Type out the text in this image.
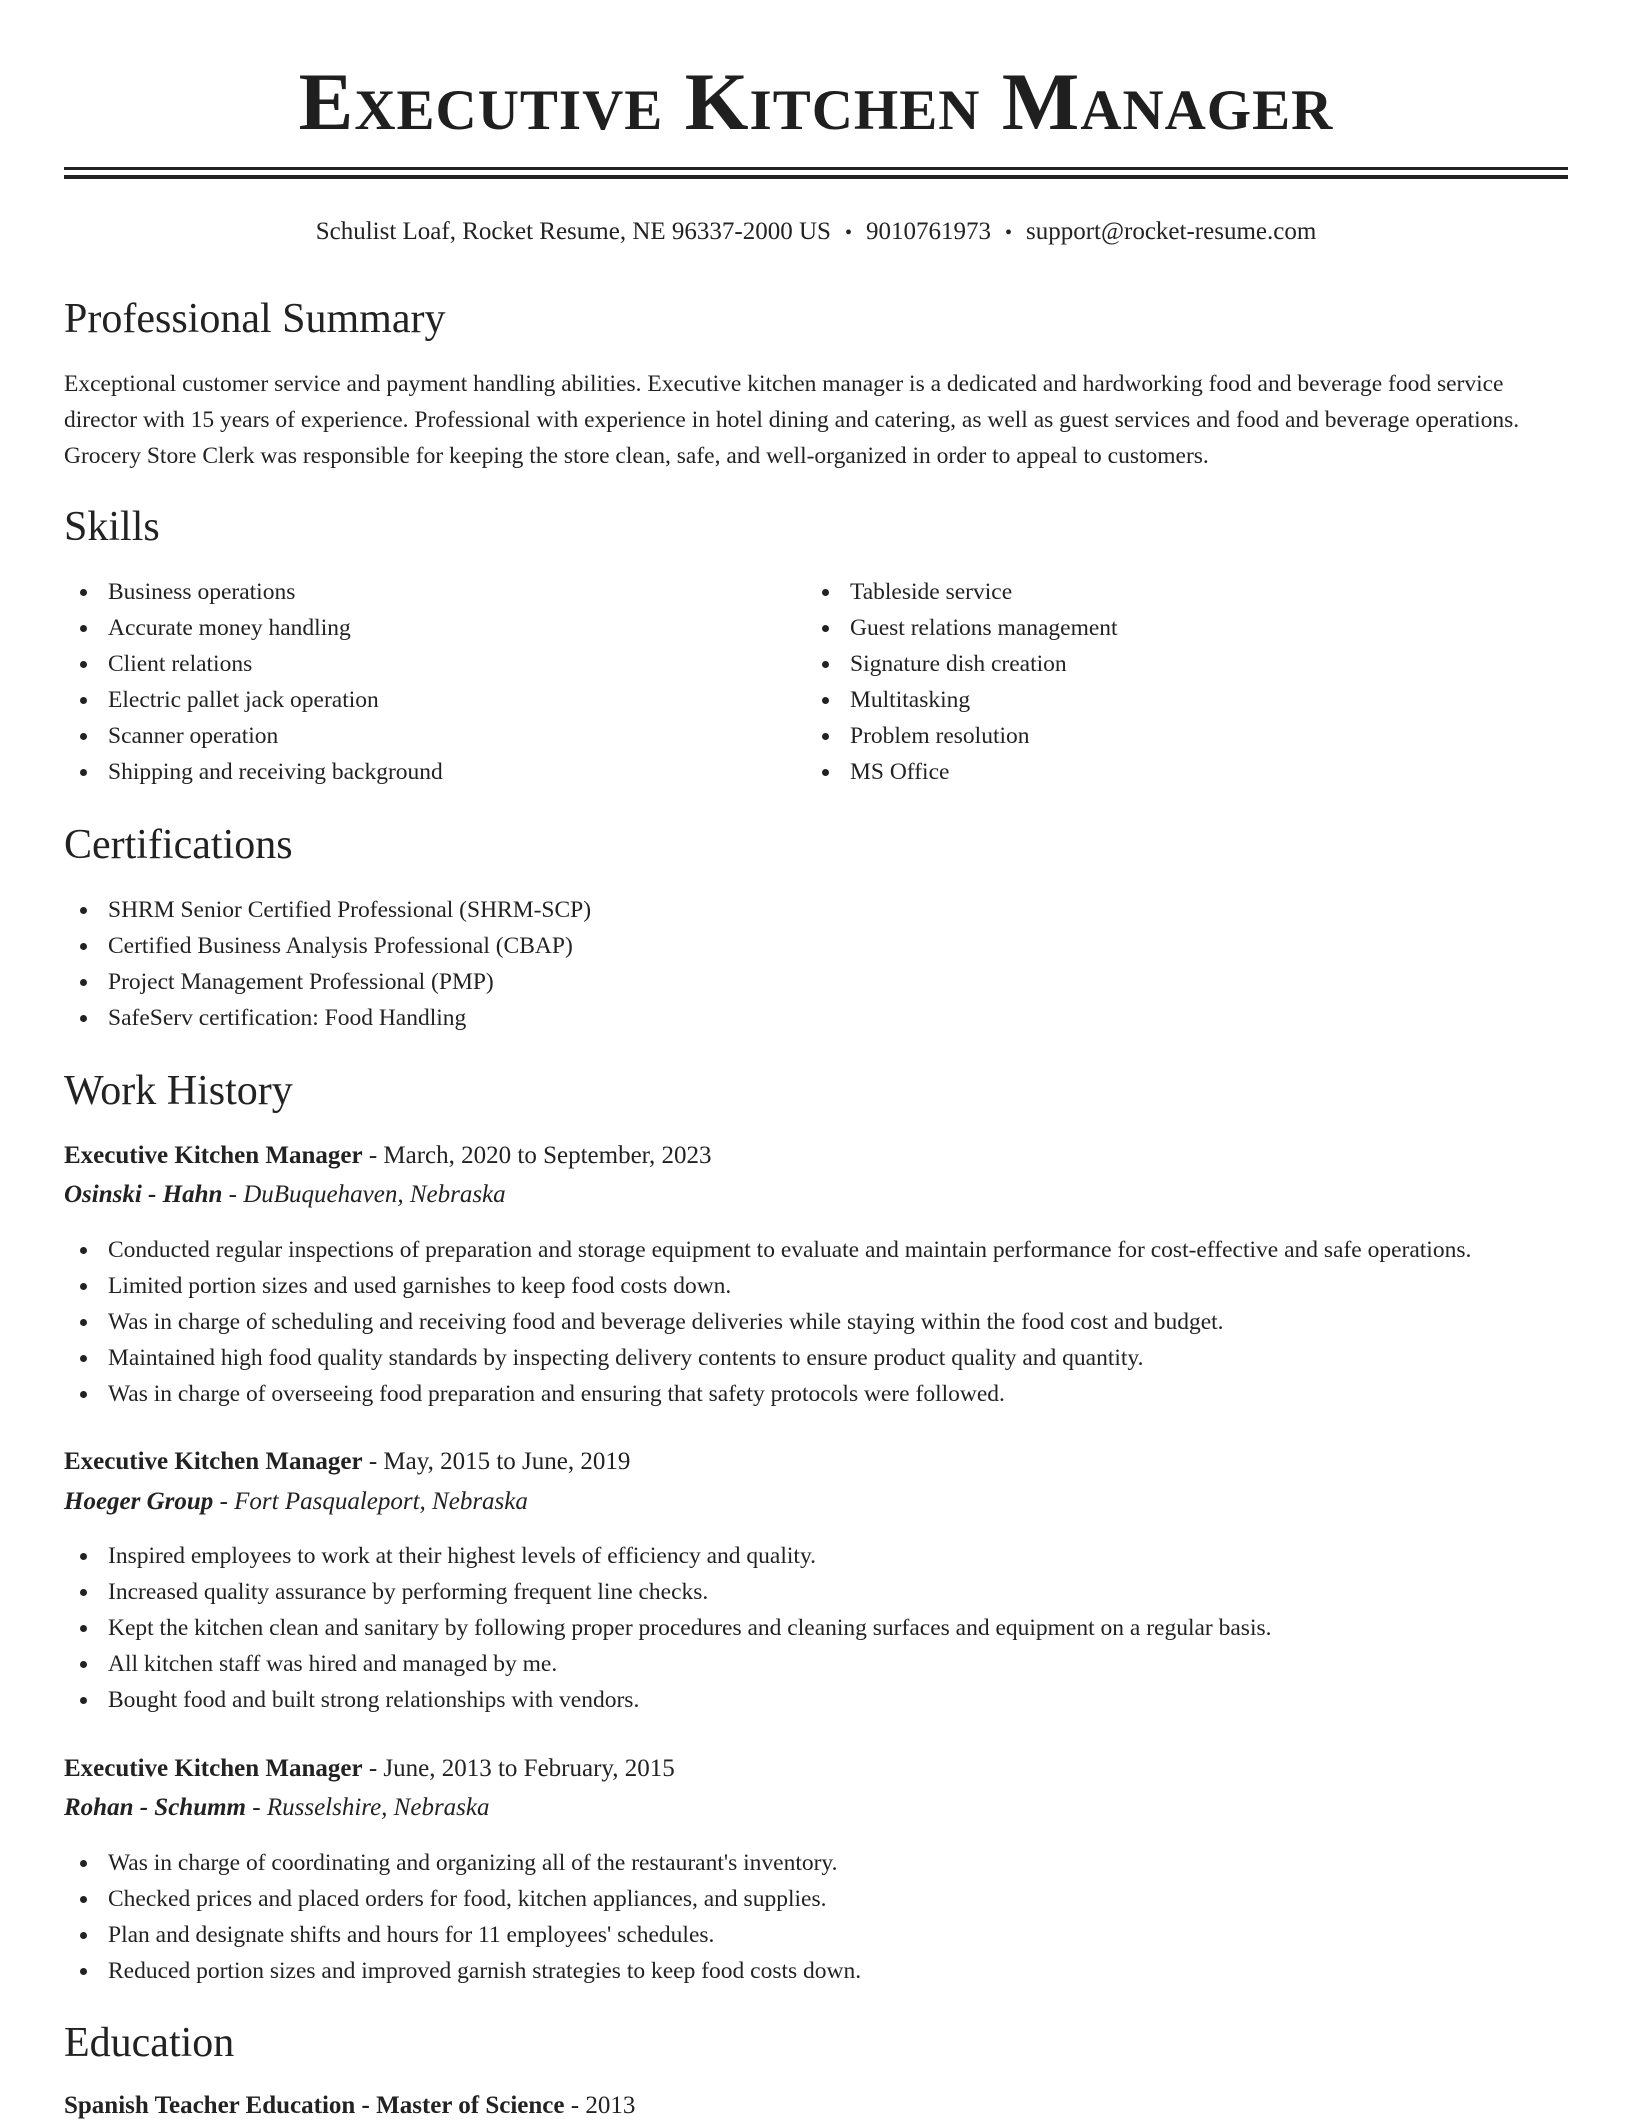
Executive Kitchen Manager
Schulist Loaf, Rocket Resume, NE 96337-2000 US • 9010761973 • support@rocket-resume.com
Professional Summary

Exceptional customer service and payment handling abilities. Executive kitchen manager is a dedicated and hardworking food and beverage food service director with 15 years of experience. Professional with experience in hotel dining and catering, as well as guest services and food and beverage operations. Grocery Store Clerk was responsible for keeping the store clean, safe, and well-organized in order to appeal to customers.

Skills
Business operations
Accurate money handling
Client relations
Electric pallet jack operation
Scanner operation
Shipping and receiving background
Tableside service
Guest relations management
Signature dish creation
Multitasking
Problem resolution
MS Office
Certifications
SHRM Senior Certified Professional (SHRM-SCP)
Certified Business Analysis Professional (CBAP)
Project Management Professional (PMP)
SafeServ certification: Food Handling
Work History
Executive Kitchen Manager - March, 2020 to September, 2023
Osinski - Hahn - DuBuquehaven, Nebraska
Conducted regular inspections of preparation and storage equipment to evaluate and maintain performance for cost-effective and safe operations.
Limited portion sizes and used garnishes to keep food costs down.
Was in charge of scheduling and receiving food and beverage deliveries while staying within the food cost and budget.
Maintained high food quality standards by inspecting delivery contents to ensure product quality and quantity.
Was in charge of overseeing food preparation and ensuring that safety protocols were followed.
Executive Kitchen Manager - May, 2015 to June, 2019
Hoeger Group - Fort Pasqualeport, Nebraska
Inspired employees to work at their highest levels of efficiency and quality.
Increased quality assurance by performing frequent line checks.
Kept the kitchen clean and sanitary by following proper procedures and cleaning surfaces and equipment on a regular basis.
All kitchen staff was hired and managed by me.
Bought food and built strong relationships with vendors.
Executive Kitchen Manager - June, 2013 to February, 2015
Rohan - Schumm - Russelshire, Nebraska
Was in charge of coordinating and organizing all of the restaurant's inventory.
Checked prices and placed orders for food, kitchen appliances, and supplies.
Plan and designate shifts and hours for 11 employees' schedules.
Reduced portion sizes and improved garnish strategies to keep food costs down.
Education
Spanish Teacher Education - Master of Science - 2013
